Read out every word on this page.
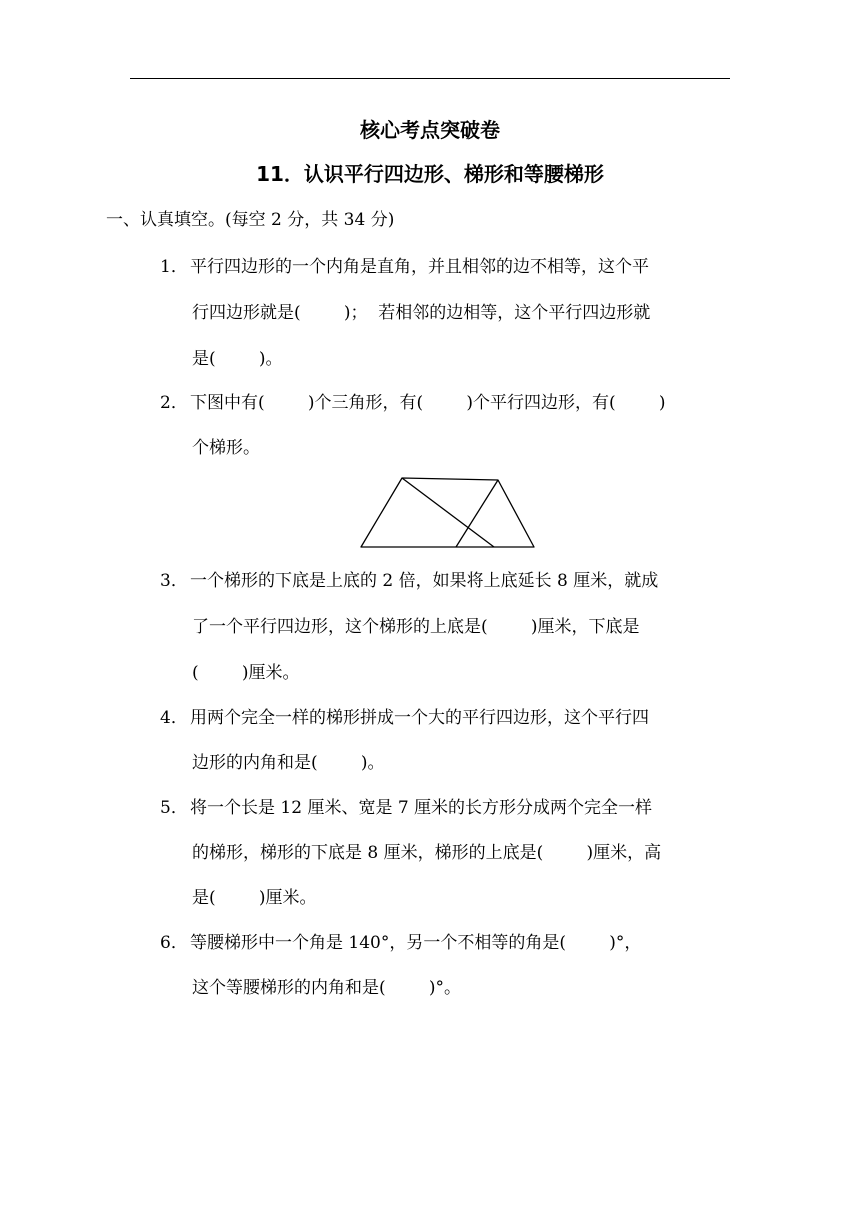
核心考点突破卷
11．认识平行四边形、梯形和等腰梯形
一、认真填空。(每空 2 分，共 34 分)
1． 平行四边形的一个内角是直角，并且相邻的边不相等，这个平
行四边形就是(        )；  若相邻的边相等，这个平行四边形就
是(        )。
2． 下图中有(        )个三角形，有(        )个平行四边形，有(        )
个梯形。
3． 一个梯形的下底是上底的 2 倍，如果将上底延长 8 厘米，就成
了一个平行四边形，这个梯形的上底是(        )厘米，下底是
(        )厘米。
4． 用两个完全一样的梯形拼成一个大的平行四边形，这个平行四
边形的内角和是(        )。
5． 将一个长是 12 厘米、宽是 7 厘米的长方形分成两个完全一样
的梯形，梯形的下底是 8 厘米，梯形的上底是(        )厘米，高
是(        )厘米。
6． 等腰梯形中一个角是 140°，另一个不相等的角是(        )°，
这个等腰梯形的内角和是(        )°。
